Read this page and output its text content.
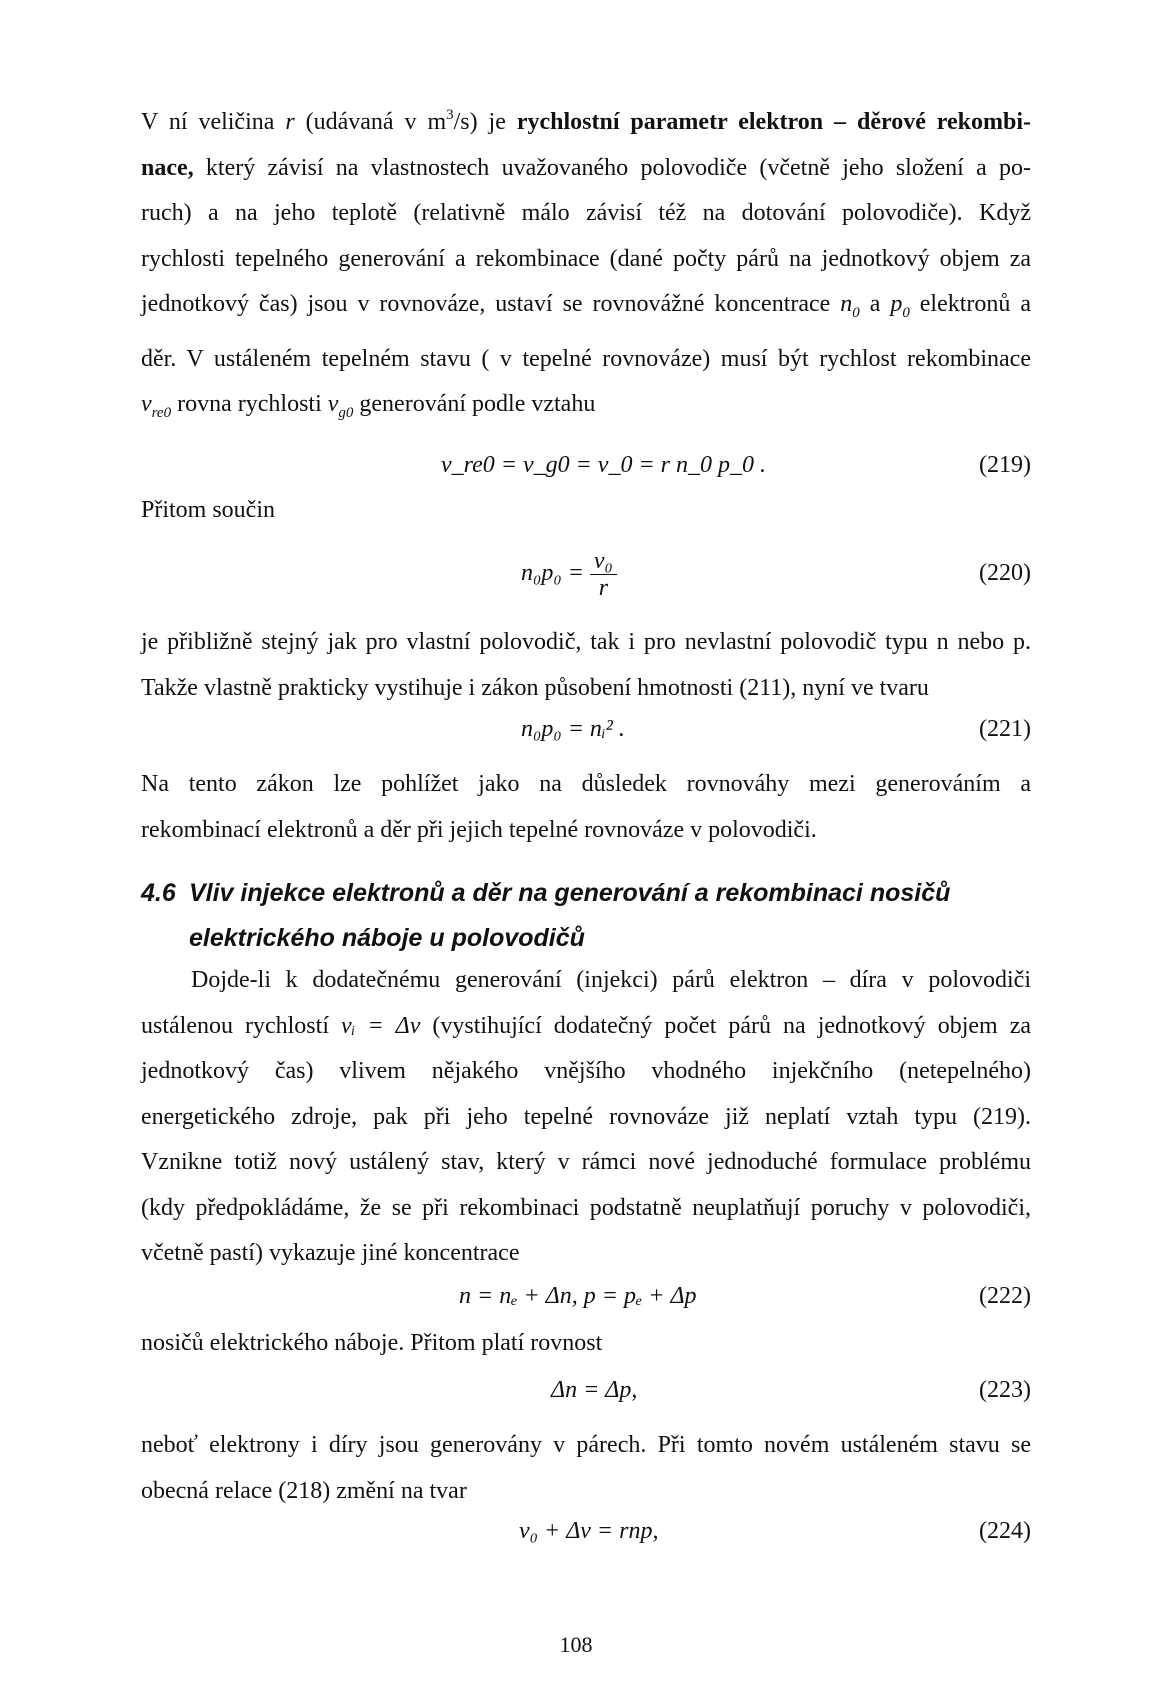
V ní veličina r (udávaná v $m^3/s$) je rychlostní parametr elektron – děrové rekombi-
nace, který závisí na vlastnostech uvažovaného polovodiče (včetně jeho složení a po-
ruch) a na jeho teplotě (relativně málo závisí též na dotování polovodiče). Když
rychlosti tepelného generování a rekombinace (dané počty párů na jednotkový objem za
jednotkový čas) jsou v rovnováze, ustaví se rovnovážné koncentrace $n_0$ a $p_0$ elektronů a
děr. V ustáleném tepelném stavu ( v tepelné rovnováze) musí být rychlost rekombinace
$v_{re0}$ rovna rychlosti $v_{g0}$ generování podle vztahu
v_re0 = v_g0 = v_0 = r n_0 p_0 .	(219)
Přitom součin
$n_0p_0 = \frac{\text{v₀}}{r}$	(220)
je přibližně stejný jak pro vlastní polovodič, tak i pro nevlastní polovodič typu n nebo p.
Takže vlastně prakticky vystihuje i zákon působení hmotnosti (211), nyní ve tvaru
n₀p₀ = nᵢ² .	(221)
Na tento zákon lze pohlížet jako na důsledek rovnováhy mezi generováním a
rekombinací elektronů a děr při jejich tepelné rovnováze v polovodiči.
4.6 Vliv injekce elektronů a děr na generování a rekombinaci nosičů
elektrického náboje u polovodičů
Dojde-li k dodatečnému generování (injekci) párů elektron – díra v polovodiči
ustálenou rychlostí vᵢ = Δv (vystihující dodatečný počet párů na jednotkový objem za
jednotkový čas) vlivem nějakého vnějšího vhodného injekčního (netepelného)
energetického zdroje, pak při jeho tepelné rovnováze již neplatí vztah typu (219).
Vznikne totiž nový ustálený stav, který v rámci nové jednoduché formulace problému
(kdy předpokládáme, že se při rekombinaci podstatně neuplatňují poruchy v polovodiči,
včetně pastí) vykazuje jiné koncentrace
n = nₑ + Δn, p = pₑ + Δp	(222)
nosičů elektrického náboje. Přitom platí rovnost
Δn = Δp,	(223)
neboť elektrony i díry jsou generovány v párech. Při tomto novém ustáleném stavu se
obecná relace (218) změní na tvar
v₀ + Δv = rnp,	(224)
108
